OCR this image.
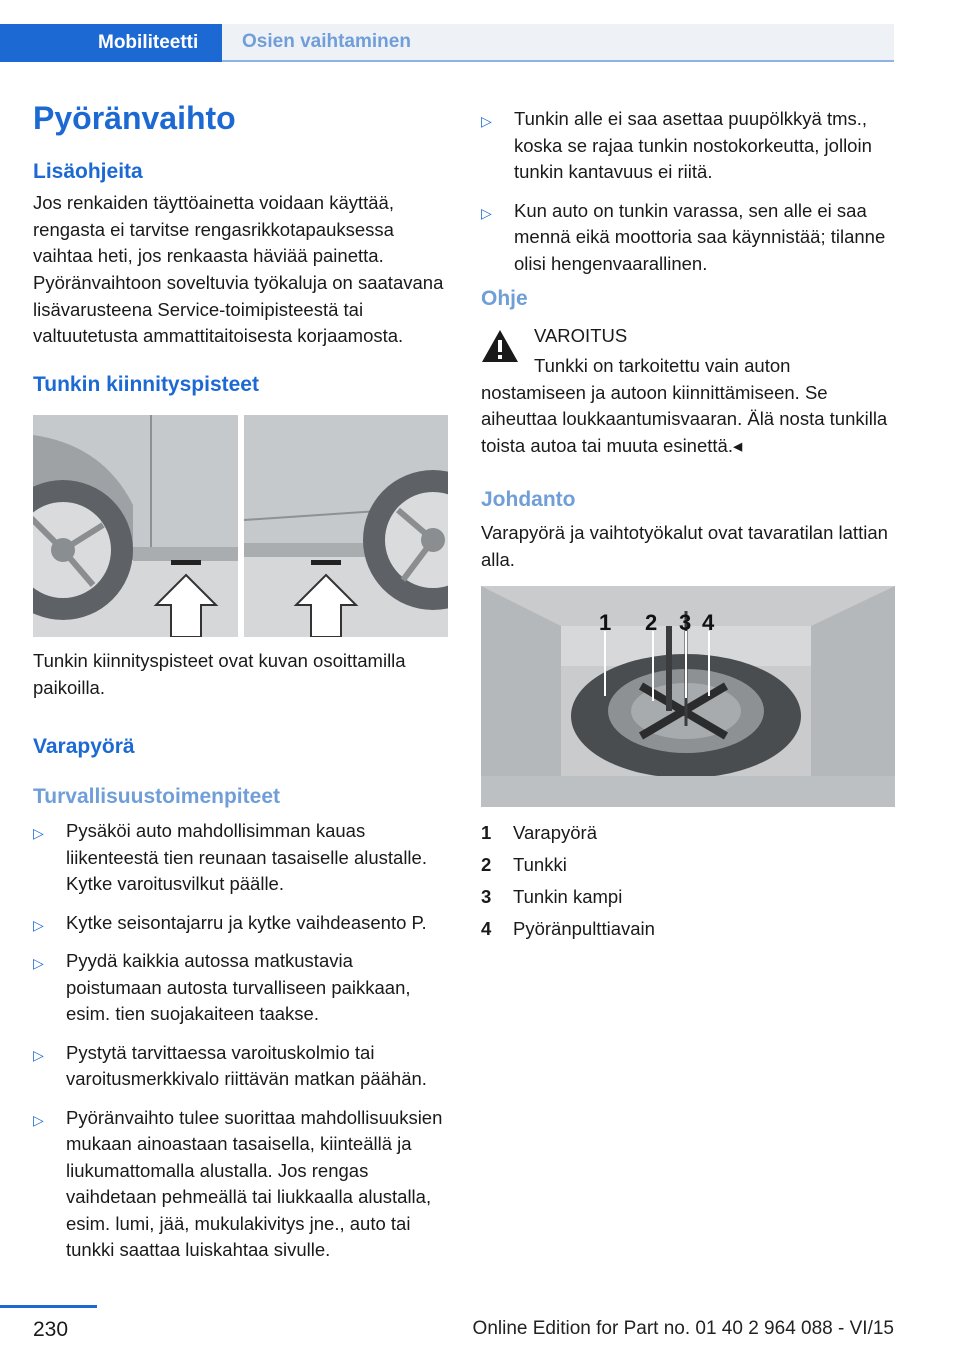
Mobiliteetti	Osien vaihtaminen
Pyöränvaihto
Lisäohjeita

Jos renkaiden täyttöainetta voidaan käyttää, rengasta ei tarvitse rengasrikkotapauksessa vaihtaa heti, jos renkaasta häviää painetta.

Pyöränvaihtoon soveltuvia työkaluja on saatavana lisävarusteena Service-toimipisteestä tai valtuutetusta ammattitaitoisesta korjaamosta.

Tunkin kiinnityspisteet

Tunkin kiinnityspisteet ovat kuvan osoittamilla paikoilla.

Varapyörä
Turvallisuustoimenpiteet
▷	Pysäköi auto mahdollisimman kauas liikenteestä tien reunaan tasaiselle alustalle. Kytke varoitusvilkut päälle.
▷	Kytke seisontajarru ja kytke vaihdeasento P.
▷	Pyydä kaikkia autossa matkustavia poistumaan autosta turvalliseen paikkaan, esim. tien suojakaiteen taakse.
▷	Pystytä tarvittaessa varoituskolmio tai varoitusmerkkivalo riittävän matkan päähän.
▷	Pyöränvaihto tulee suorittaa mahdollisuuksien mukaan ainoastaan tasaisella, kiinteällä ja liukumattomalla alustalla. Jos rengas vaihdetaan pehmeällä tai liukkaalla alustalla, esim. lumi, jää, mukulakivitys jne., auto tai tunkki saattaa luiskahtaa sivulle.
▷	Tunkin alle ei saa asettaa puupölkkyä tms., koska se rajaa tunkin nostokorkeutta, jolloin tunkin kantavuus ei riitä.
▷	Kun auto on tunkin varassa, sen alle ei saa mennä eikä moottoria saa käynnistää; tilanne olisi hengenvaarallinen.
Ohje
VAROITUS

Tunkki on tarkoitettu vain auton nostamiseen ja autoon kiinnittämiseen. Se aiheuttaa loukkaantumisvaaran. Älä nosta tunkilla toista autoa tai muuta esinettä.◂

Johdanto

Varapyörä ja vaihtotyökalut ovat tavaratilan lattian alla.

1 2 3 4
1 Varapyörä
2 Tunkki
3 Tunkin kampi
4 Pyöränpulttiavain
230	Online Edition for Part no. 01 40 2 964 088 - VI/15
